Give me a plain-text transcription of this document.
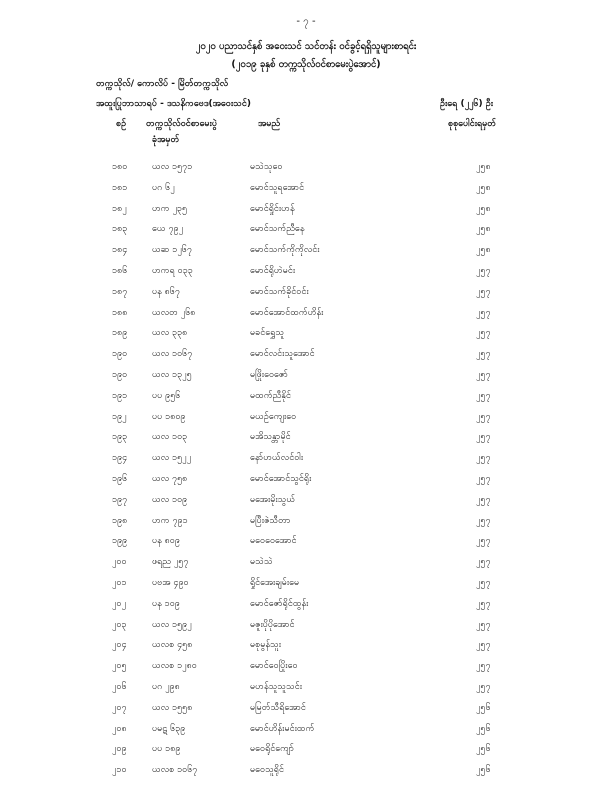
- ၇ -
၂၀၂၀ ပညာသင်နှစ် အဝေးသင် သင်တန်း ဝင်ခွင့်ရရှိသူများစာရင်း
(၂၀၁၉ ခုနှစ် တက္ကသိုလ်ဝင်စာမေးပွဲအောင်)
တက္ကသိုလ်/ ကောလိပ် - မြိတ်တက္ကသိုလ်
အထူးပြုဘာသာရပ် - ဒသနိကဗေဒ(အဝေးသင်)	ဦးရေ (၂၂၆) ဦး
စဉ် တက္ကသိုလ်ဝင်စာမေးပွဲ
ခုံအမှတ်
အမည်	စုစုပေါင်းရမှတ်
၁၈၀	ယလ ၁၅၇၁	မသဲသုဝေ	၂၅၈
၁၈၁	ပဂ ၆၂	မောင်သူရအောင်	၂၅၈
၁၈၂	ဟက ၂၃၅	မောင်ရှိုင်းဟန်	၂၅၈
၁၈၃	ယေ ၇၉၂	မောင်သက်ညီနေ	၂၅၈
၁၈၄	ယဆ ၁၂၆၇	မောင်သက်ကိုကိုလင်း	၂၅၈
၁၈၆	ဟကရ ၀၃၃	မောင်ရိုဟဲမင်း	၂၅၇
၁၈၇	ပန ၈၆၇	မောင်သက်ခိုင်ဝင်း	၂၅၇
၁၈၈	ယလတ ၂၆၈	မောင်အောင်ထက်ဟိန်း	၂၅၇
၁၈၉	ယလ ၃၃၈	မခင်ရွှေသူ	၂၅၇
၁၉၀	ယလ ၁၀၆၇	မောင်လင်းသူအောင်	၂၅၇
၁၉၀	ယလ ၁၃၂၅	မဖြိုးဝေဇော်	၂၅၇
၁၉၁	ပပ ၉၅၆	မထက်ညီနိုင်	၂၅၇
၁၉၂	ပပ ၁၈၀၉	မယဉ်ကျေးဝေ	၂၅၇
၁၉၃	ယလ ၁၀၃	မအိသန္တာမိုင်	၂၅၇
၁၉၄	ယလ ၁၅၂၂	နော်ဟယ်လင်ဝါး	၂၅၇
၁၉၆	ယလ ၇၅၈	မောင်အောင်သွင်ရိုး	၂၅၇
၁၉၇	ယလ ၁၀၉	မအေးမိုးသွယ်	၂၅၇
၁၉၈	ဟက ၇၉၁	မပြီးဇဲသီတာ	၂၅၇
၁၉၉	ပန ၈၀၉	မဝေဝေအောင်	၂၅၇
၂၀၀	ဖရည ၂၅၇	မသဲသဲ	၂၅၇
၂၀၁	ပဗအ ၄၉၀	ရှိုင်အေးချမ်းမေ	၂၅၇
၂၀၂	ပန ၁၀၉	မောင်ဇော်ရိုင်ထွန်း	၂၅၇
၂၀၃	ယလ ၁၅၉၂	မဇူးပိုပိုအောင်	၂၅၇
၂၀၄	ယလစ ၄၅၈	မစုမွန်သူး	၂၅၇
၂၀၅	ယလစ ၁၂၈၀	မောင်ဝေပြိုးဝေ	၂၅၇
၂၀၆	ပဂ ၂၉၈	မဟန်သူသူသင်း	၂၅၇
၂၀၇	ယလ ၁၅၅၈	မမြတ်သီရိအောင်	၂၅၆
၂၀၈	ပမဋ ၆၃၉	မောင်ဟိန်းမင်းထက်	၂၅၆
၂၀၉	ပပ ၁၈၉	မဝေရိုင်ကျော်	၂၅၆
၂၁၀	ယလစ ၁၀၆၇	မဝေသူရိုင်	၂၅၆
